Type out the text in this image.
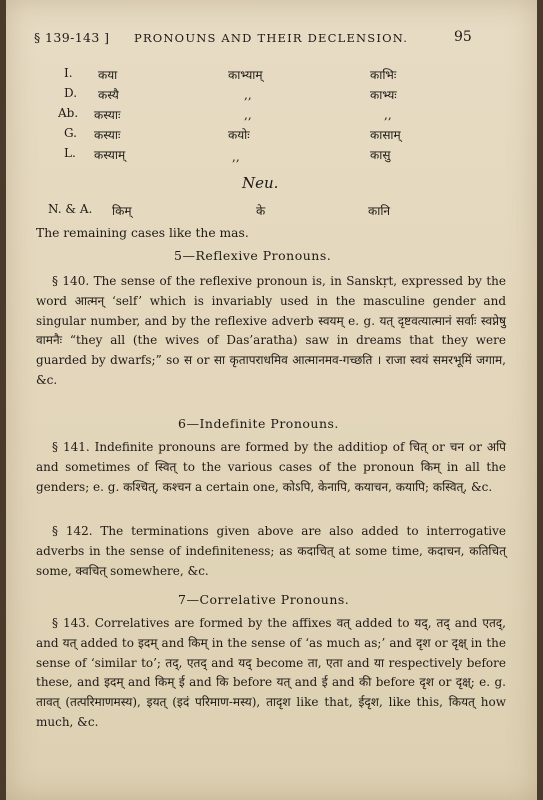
§ 139-143 ] PRONOUNS AND THEIR DECLENSION.	95
I. कया	काभ्याम्	काभिः
D. कस्यै	,,	काभ्यः
Ab. कस्याः	,,	,,
G. कस्याः	कयोः	कासाम्
L. कस्याम्	,,	कासु
Neu.
N. & A. किम्	के	कानि
The remaining cases like the mas.
5—Reflexive Pronouns.
§ 140. The sense of the reflexive pronoun is, in Sanskṛt, expressed by the word आत्मन् ‘self’ which is invariably used in the masculine gender and singular number, and by the reflexive adverb स्वयम् e. g. यत् दृष्टवत्यात्मानं सर्वाः स्वप्नेषु वामनैः “they all (the wives of Das’aratha) saw in dreams that they were guarded by dwarfs;” so स or सा कृतापराधमिव आत्मानमव-गच्छति । राजा स्वयं समरभूमिं जगाम, &c.
6—Indefinite Pronouns.
§ 141. Indefinite pronouns are formed by the additiop of चित् or चन or अपि and sometimes of स्वित् to the various cases of the pronoun किम् in all the genders; e. g. कश्चित्, कश्चन a certain one, कोऽपि, केनापि, कयाचन, कयापि; कस्वित्, &c.
§ 142. The terminations given above are also added to interrogative adverbs in the sense of indefiniteness; as कदाचित् at some time, कदाचन, कतिचित् some, क्वचित् somewhere, &c.
7—Correlative Pronouns.
§ 143. Correlatives are formed by the affixes वत् added to यद्, तद् and एतद्, and यत् added to इदम् and किम् in the sense of ‘as much as;’ and दृश or दृक्ष् in the sense of ‘similar to’; तद्, एतद् and यद् become ता, एता and या respectively before these, and इदम् and किम् ई and कि before यत् and ई and की before दृश or दृक्ष्; e. g. तावत् (तत्परिमाणमस्य), इयत् (इदं परिमाण-मस्य), तादृश like that, ईदृश, like this, कियत् how much, &c.
